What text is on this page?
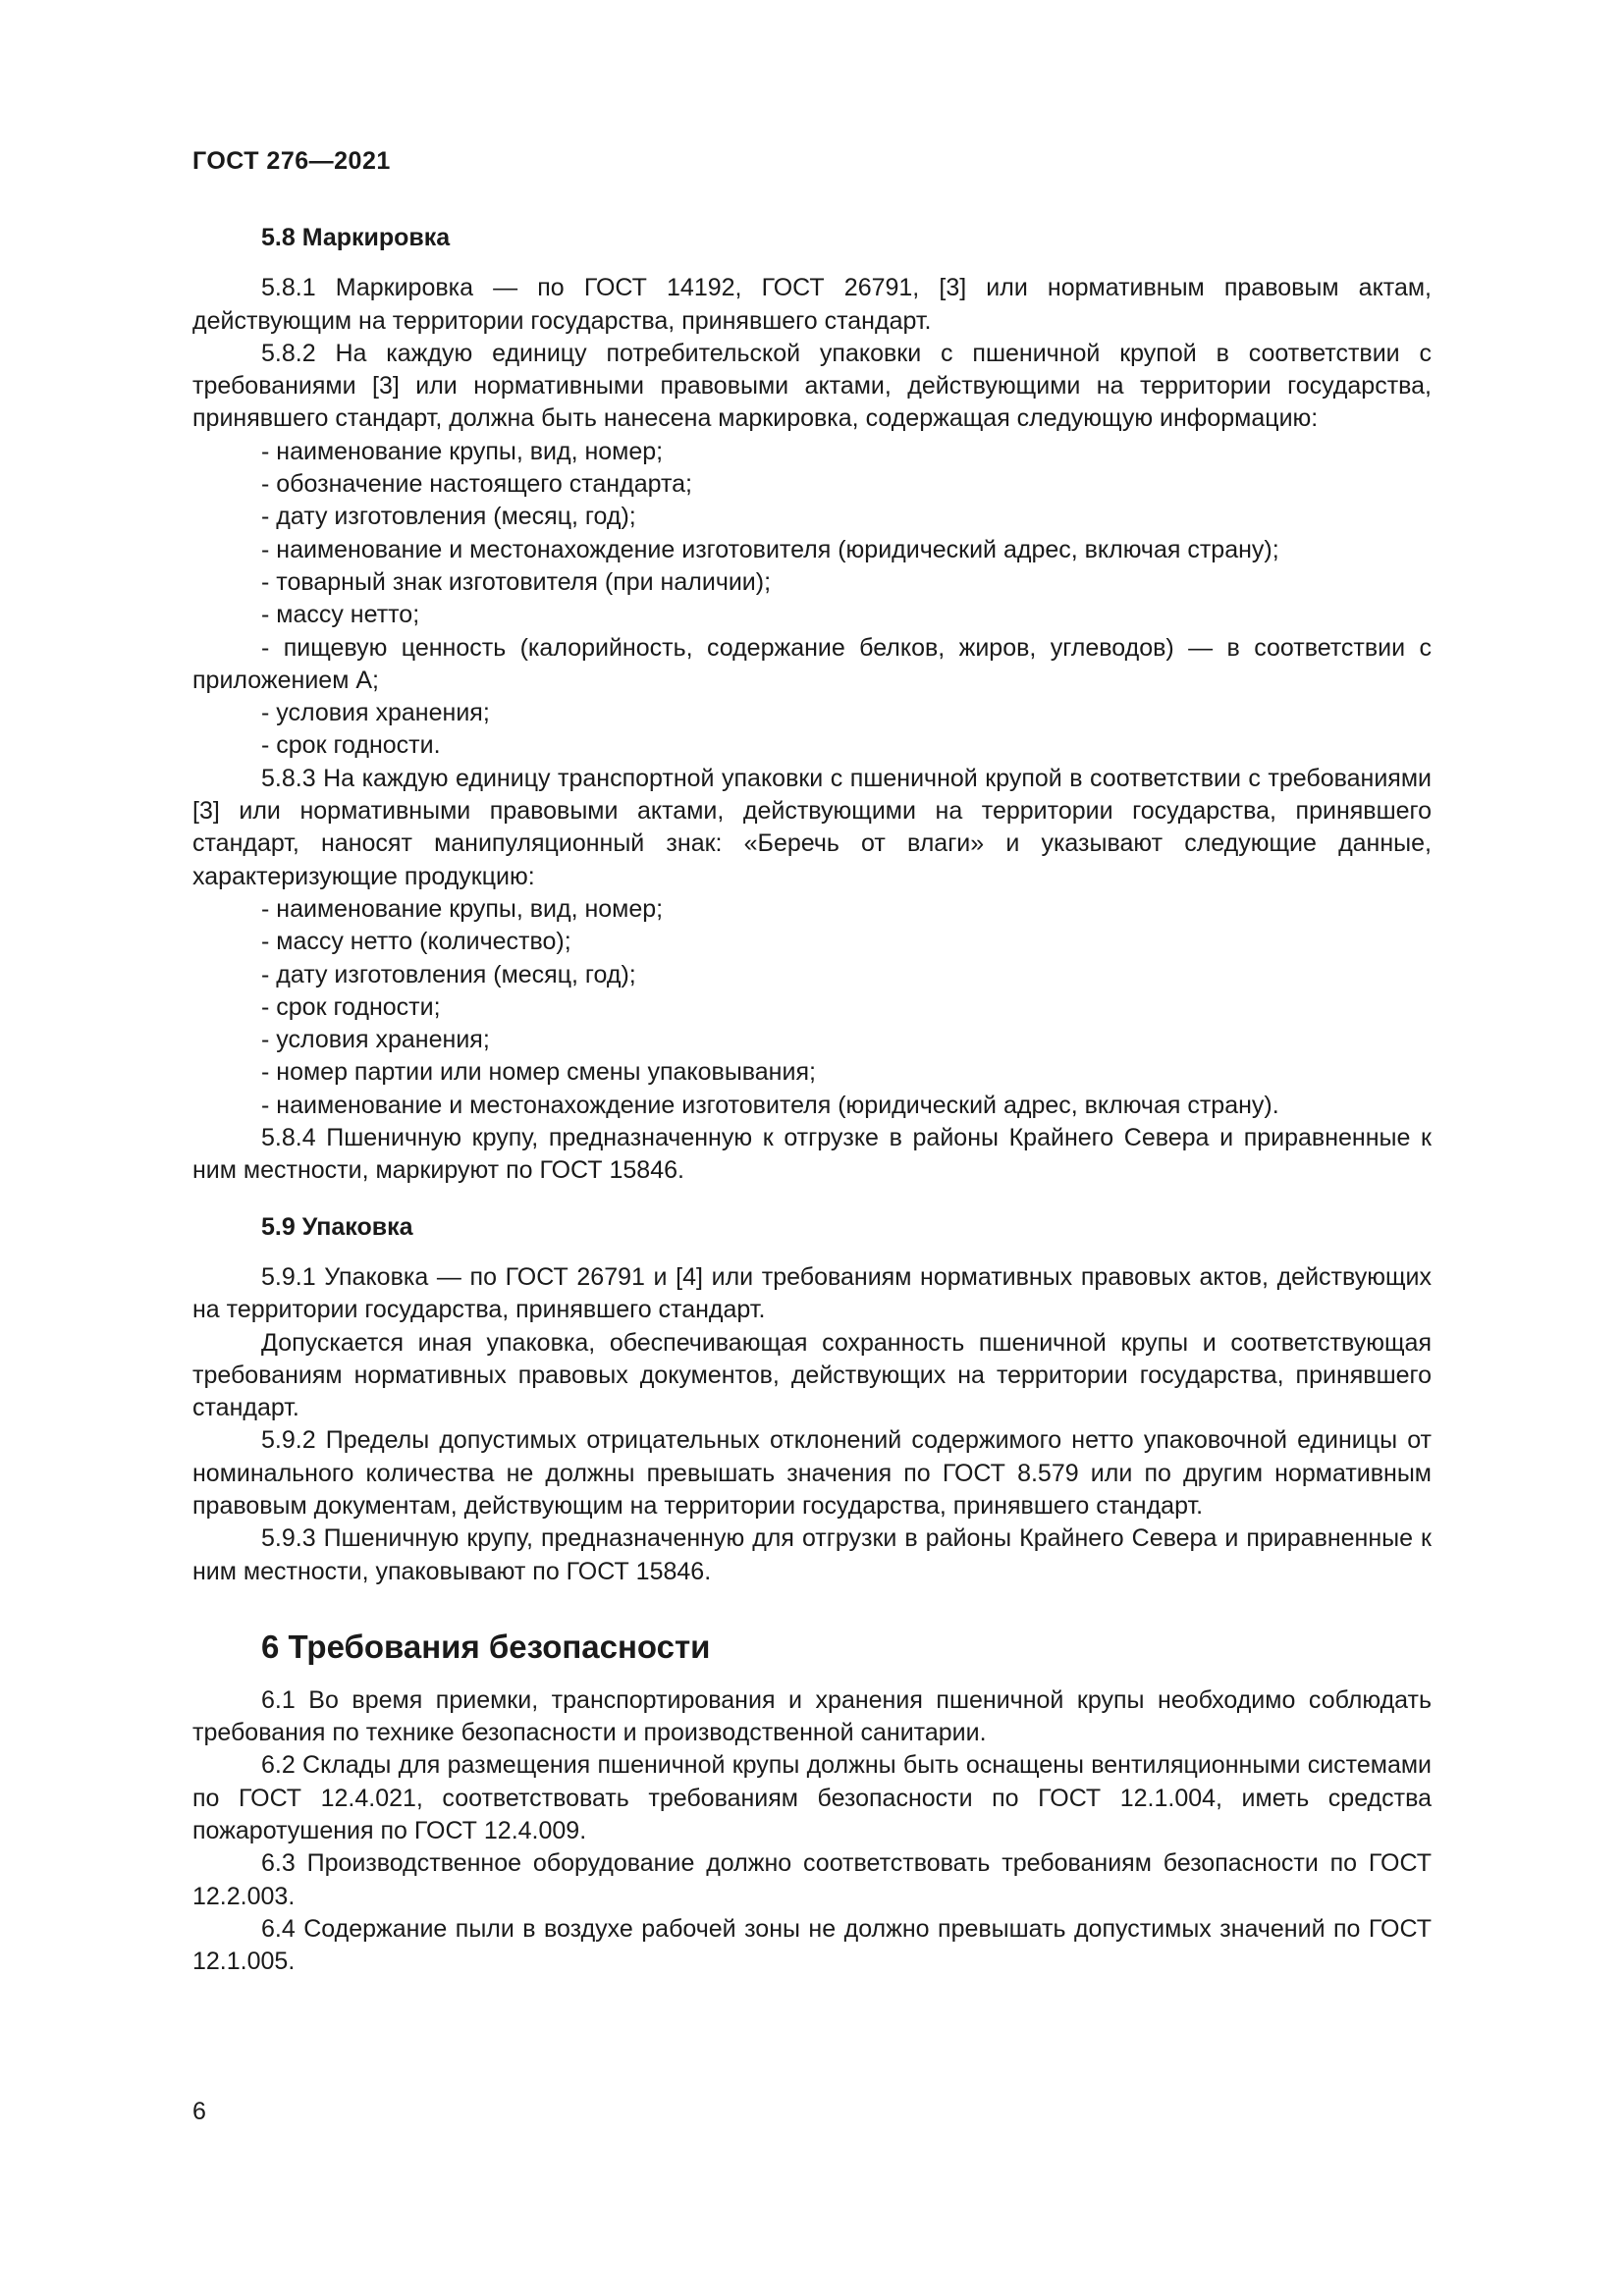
ГОСТ 276—2021
5.8 Маркировка

5.8.1 Маркировка — по ГОСТ 14192, ГОСТ 26791, [3] или нормативным правовым актам, действующим на территории государства, принявшего стандарт.

5.8.2 На каждую единицу потребительской упаковки с пшеничной крупой в соответствии с требованиями [3] или нормативными правовыми актами, действующими на территории государства, принявшего стандарт, должна быть нанесена маркировка, содержащая следующую информацию:

- наименование крупы, вид, номер;

- обозначение настоящего стандарта;

- дату изготовления (месяц, год);

- наименование и местонахождение изготовителя (юридический адрес, включая страну);

- товарный знак изготовителя (при наличии);

- массу нетто;

- пищевую ценность (калорийность, содержание белков, жиров, углеводов) — в соответствии с приложением А;

- условия хранения;

- срок годности.

5.8.3 На каждую единицу транспортной упаковки с пшеничной крупой в соответствии с требованиями [3] или нормативными правовыми актами, действующими на территории государства, принявшего стандарт, наносят манипуляционный знак: «Беречь от влаги» и указывают следующие данные, характеризующие продукцию:

- наименование крупы, вид, номер;

- массу нетто (количество);

- дату изготовления (месяц, год);

- срок годности;

- условия хранения;

- номер партии или номер смены упаковывания;

- наименование и местонахождение изготовителя (юридический адрес, включая страну).

5.8.4 Пшеничную крупу, предназначенную к отгрузке в районы Крайнего Севера и приравненные к ним местности, маркируют по ГОСТ 15846.

5.9 Упаковка

5.9.1 Упаковка — по ГОСТ 26791 и [4] или требованиям нормативных правовых актов, действующих на территории государства, принявшего стандарт.

Допускается иная упаковка, обеспечивающая сохранность пшеничной крупы и соответствующая требованиям нормативных правовых документов, действующих на территории государства, принявшего стандарт.

5.9.2 Пределы допустимых отрицательных отклонений содержимого нетто упаковочной единицы от номинального количества не должны превышать значения по ГОСТ 8.579 или по другим нормативным правовым документам, действующим на территории государства, принявшего стандарт.

5.9.3 Пшеничную крупу, предназначенную для отгрузки в районы Крайнего Севера и приравненные к ним местности, упаковывают по ГОСТ 15846.

6 Требования безопасности

6.1 Во время приемки, транспортирования и хранения пшеничной крупы необходимо соблюдать требования по технике безопасности и производственной санитарии.

6.2 Склады для размещения пшеничной крупы должны быть оснащены вентиляционными системами по ГОСТ 12.4.021, соответствовать требованиям безопасности по ГОСТ 12.1.004, иметь средства пожаротушения по ГОСТ 12.4.009.

6.3 Производственное оборудование должно соответствовать требованиям безопасности по ГОСТ 12.2.003.

6.4 Содержание пыли в воздухе рабочей зоны не должно превышать допустимых значений по ГОСТ 12.1.005.

6
